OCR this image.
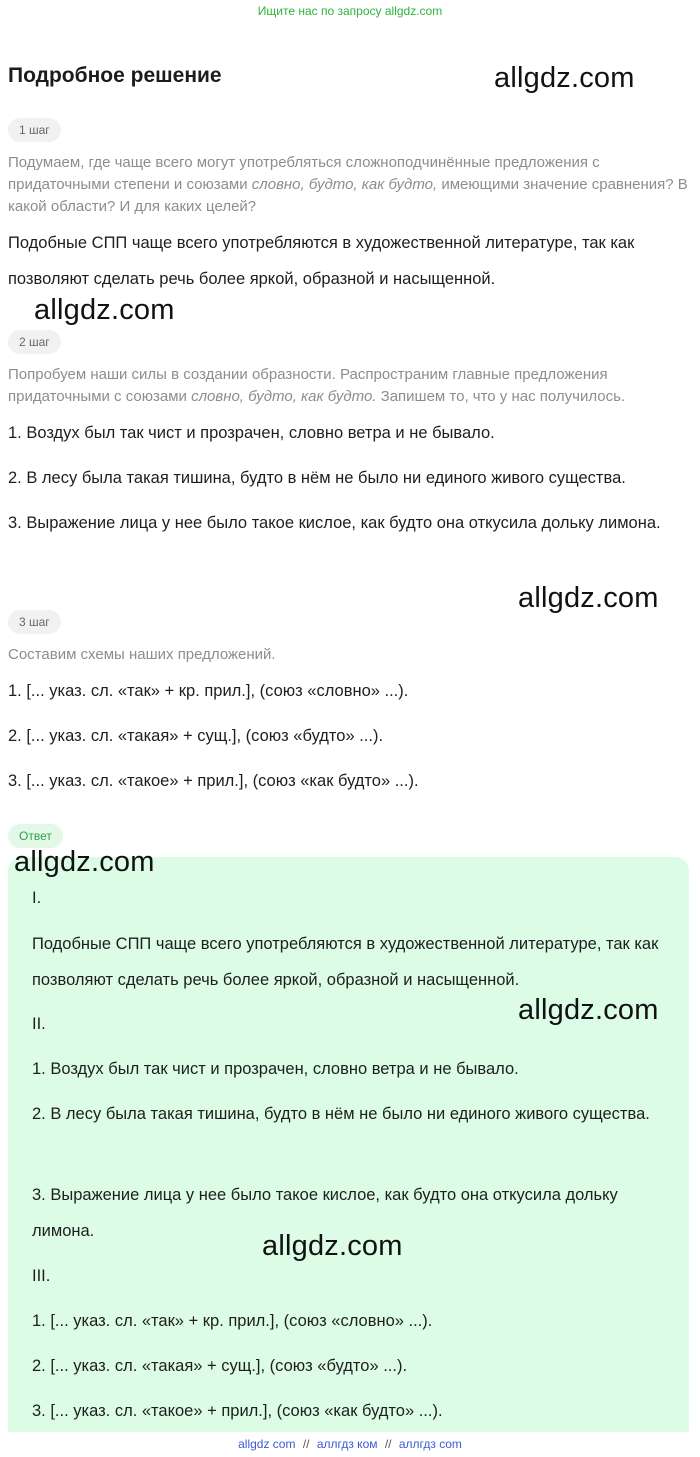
Ищите нас по запросу allgdz.com
Подробное решение	allgdz.com
allgdz.com
allgdz.com
1 шаг
Подумаем, где чаще всего могут употребляться сложноподчинённые предложения с придаточными степени и союзами словно, будто, как будто, имеющими значение сравнения? В какой области? И для каких целей?
Подобные СПП чаще всего употребляются в художественной литературе, так как позволяют сделать речь более яркой, образной и насыщенной.
2 шаг
Попробуем наши силы в создании образности. Распространим главные предложения придаточными с союзами словно, будто, как будто. Запишем то, что у нас получилось.
1. Воздух был так чист и прозрачен, словно ветра и не бывало.
2. В лесу была такая тишина, будто в нём не было ни единого живого существа.
3. Выражение лица у нее было такое кислое, как будто она откусила дольку лимона.
3 шаг
Составим схемы наших предложений.
1. [... указ. сл. «так» + кр. прил.], (союз «словно» ...).
2. [... указ. сл. «такая» + сущ.], (союз «будто» ...).
3. [... указ. сл. «такое» + прил.], (союз «как будто» ...).
Ответ
allgdz.com
I.
Подобные СПП чаще всего употребляются в художественной литературе, так как позволяют сделать речь более яркой, образной и насыщенной.
II.	allgdz.com
1. Воздух был так чист и прозрачен, словно ветра и не бывало.
2. В лесу была такая тишина, будто в нём не было ни единого живого существа.
3. Выражение лица у нее было такое кислое, как будто она откусила дольку лимона.	allgdz.com
III.
1. [... указ. сл. «так» + кр. прил.], (союз «словно» ...).
2. [... указ. сл. «такая» + сущ.], (союз «будто» ...).
3. [... указ. сл. «такое» + прил.], (союз «как будто» ...).
allgdz com // аллгдз ком // аллгдз com
